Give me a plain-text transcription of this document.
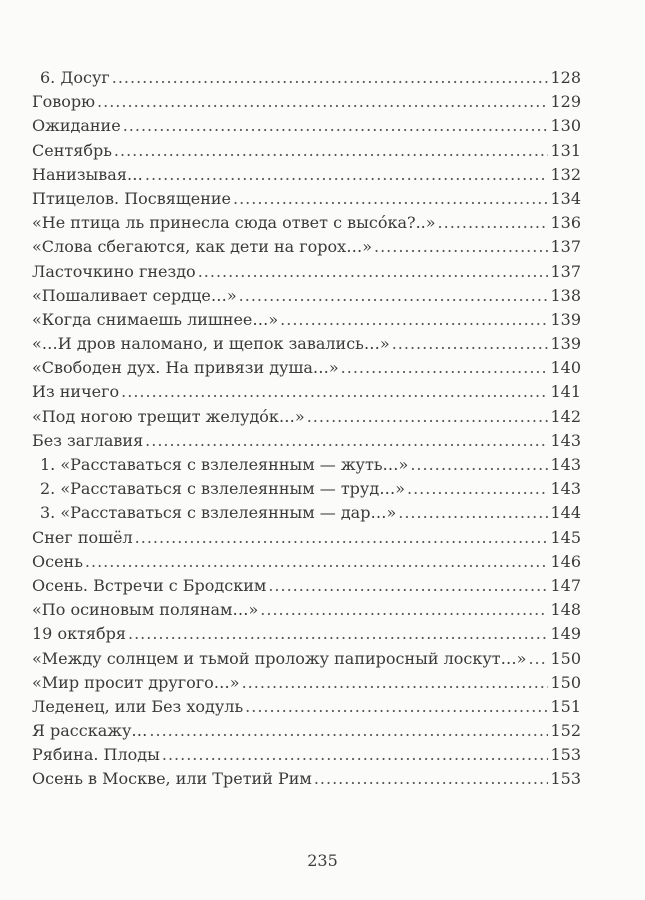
6. Досуг .....	128
Говорю .....	129
Ожидание .....	130
Сентябрь .....	131
Нанизывая… .....	132
Птицелов. Посвящение .....	134
«Не птица ль принесла сюда ответ с высо́ка?..» .....	136
«Слова сбегаются, как дети на горох…» .....	137
Ласточкино гнездо .....	137
«Пошаливает сердце…» .....	138
«Когда снимаешь лишнее…» .....	139
«…И дров наломано, и щепок завались…» .....	139
«Свободен дух. На привязи душа…» .....	140
Из ничего .....	141
«Под ногою трещит желудо́к…» .....	142
Без заглавия .....	143
1. «Расставаться с взлелеянным — жуть…» .....	143
2. «Расставаться с взлелеянным — труд…» .....	143
3. «Расставаться с взлелеянным — дар…» .....	144
Снег пошёл .....	145
Осень .....	146
Осень. Встречи с Бродским .....	147
«По осиновым полянам…» .....	148
19 октября .....	149
«Между солнцем и тьмой проложу папиросный лоскут…» ..... 150
«Мир просит другого…» .....	150
Леденец, или Без ходуль .....	151
Я расскажу… .....	152
Рябина. Плоды .....	153
Осень в Москве, или Третий Рим .....	153
235
